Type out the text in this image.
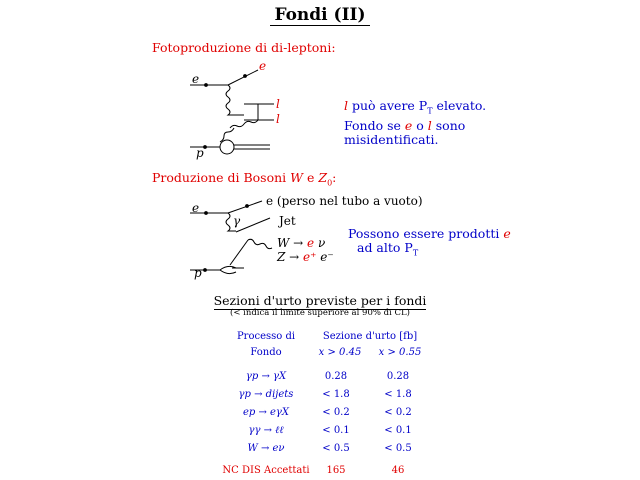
Fondi (II)
Fotoproduzione di di-leptoni:
e
e
l
l
p
l può avere $P_T$ elevato.
Fondo se e o l sono
misidentificati.
Produzione di Bosoni W e $Z_0$:
e
γ
p
e (perso nel tubo a vuoto)
Jet
W → e ν
Z → e⁺ e⁻
Possono essere prodotti e
ad alto $P_T$
Sezioni d'urto previste per i fondi
(< indica il limite superiore al 90% di CL)
Processo di
Fondo
Sezione d'urto [fb]
x > 0.45	x > 0.55
γp → γX	0.28	0.28
γp → dijets	< 1.8	< 1.8
ep → eγX	< 0.2	< 0.2
γγ → ℓℓ	< 0.1	< 0.1
W → eν	< 0.5	< 0.5
NC DIS Accettati	165	46
